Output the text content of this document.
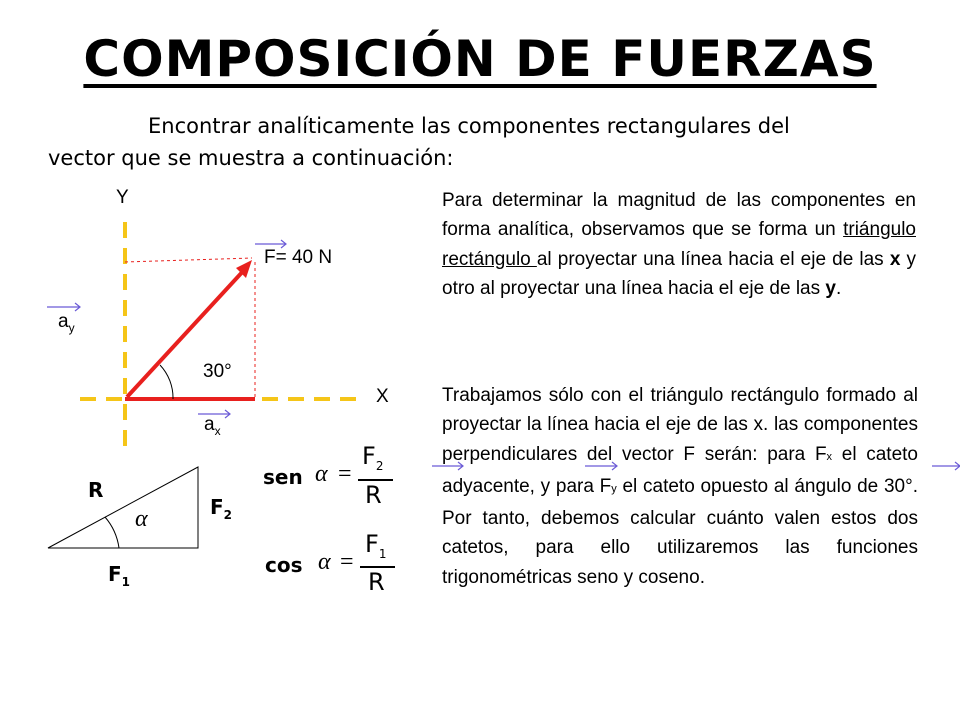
COMPOSICIÓN DE FUERZAS
Encontrar analíticamente las componentes rectangulares del
vector que se muestra a continuación:
Y
X
F= 40 N
30°
$a_y$
$a_x$
R
$F_2$
$F_1$
α
sen α =
$F_2$
R
cos α =
$F_1$
R
Para determinar la magnitud de las componentes en forma analítica, observamos que se forma un triángulo rectángulo al proyectar una línea hacia el eje de las x y otro al proyectar una línea hacia el eje de las y.
Trabajamos sólo con el triángulo rectángulo formado al proyectar la línea hacia el eje de las x. las componentes perpendiculares del vector F serán: para Fx el cateto adyacente, y para Fy el cateto opuesto al ángulo de 30°. Por tanto, debemos calcular cuánto valen estos dos catetos, para ello utilizaremos las funciones trigonométricas seno y coseno.
